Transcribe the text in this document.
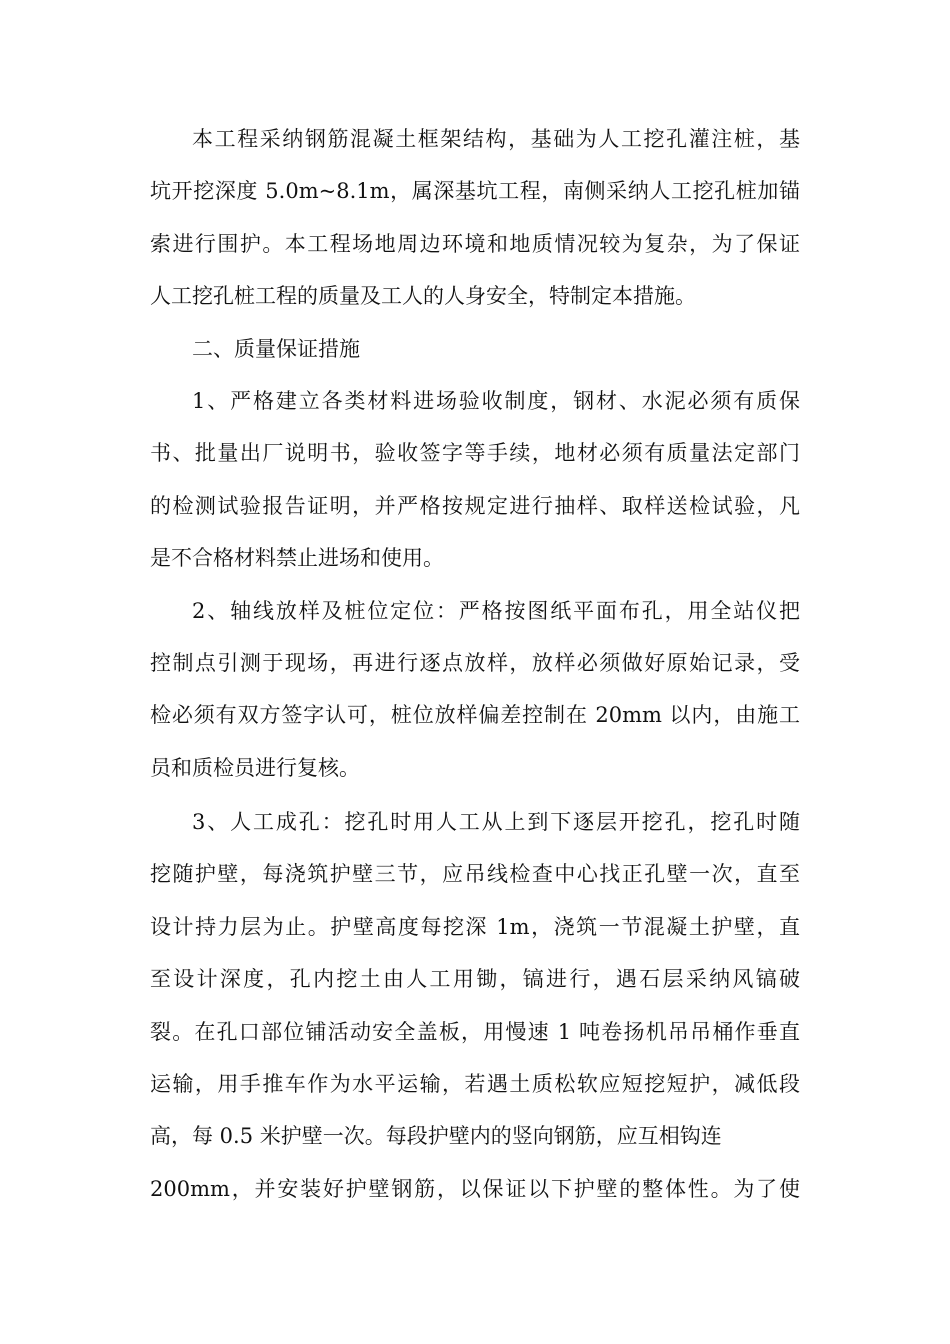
本工程采纳钢筋混凝土框架结构，基础为人工挖孔灌注桩，基
坑开挖深度 5.0m~8.1m，属深基坑工程，南侧采纳人工挖孔桩加锚
索进行围护。本工程场地周边环境和地质情况较为复杂，为了保证
人工挖孔桩工程的质量及工人的人身安全，特制定本措施。
二、质量保证措施
1、严格建立各类材料进场验收制度，钢材、水泥必须有质保
书、批量出厂说明书，验收签字等手续，地材必须有质量法定部门
的检测试验报告证明，并严格按规定进行抽样、取样送检试验，凡
是不合格材料禁止进场和使用。
2、轴线放样及桩位定位：严格按图纸平面布孔，用全站仪把
控制点引测于现场，再进行逐点放样，放样必须做好原始记录，受
检必须有双方签字认可，桩位放样偏差控制在 20mm 以内，由施工
员和质检员进行复核。
3、人工成孔：挖孔时用人工从上到下逐层开挖孔，挖孔时随
挖随护壁，每浇筑护壁三节，应吊线检查中心找正孔壁一次，直至
设计持力层为止。护壁高度每挖深 1m，浇筑一节混凝土护壁，直
至设计深度，孔内挖土由人工用锄，镐进行，遇石层采纳风镐破
裂。在孔口部位铺活动安全盖板，用慢速 1 吨卷扬机吊吊桶作垂直
运输，用手推车作为水平运输，若遇土质松软应短挖短护，减低段
高，每 0.5 米护壁一次。每段护壁内的竖向钢筋，应互相钩连
200mm，并安装好护壁钢筋，以保证以下护壁的整体性。为了使
